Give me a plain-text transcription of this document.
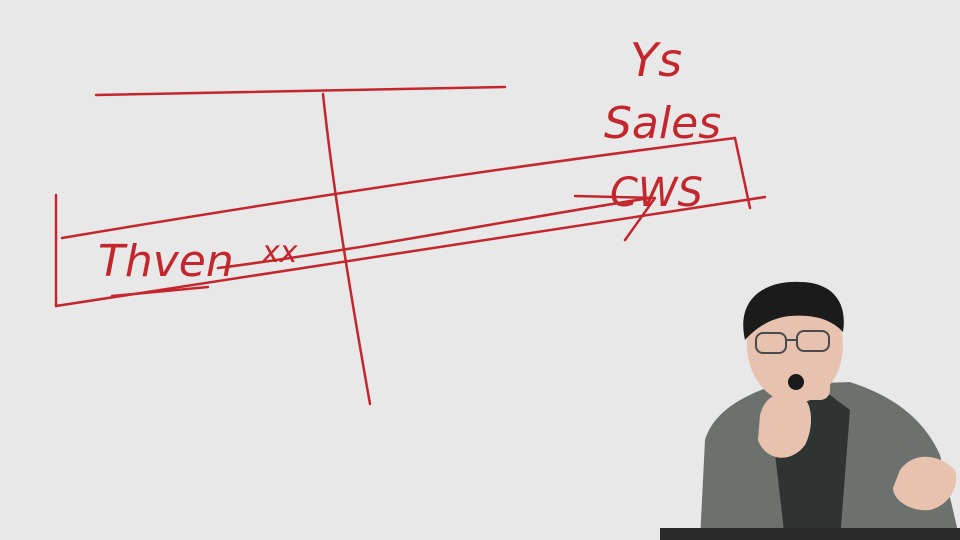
Ys
Sales
CWS
Thven xx
